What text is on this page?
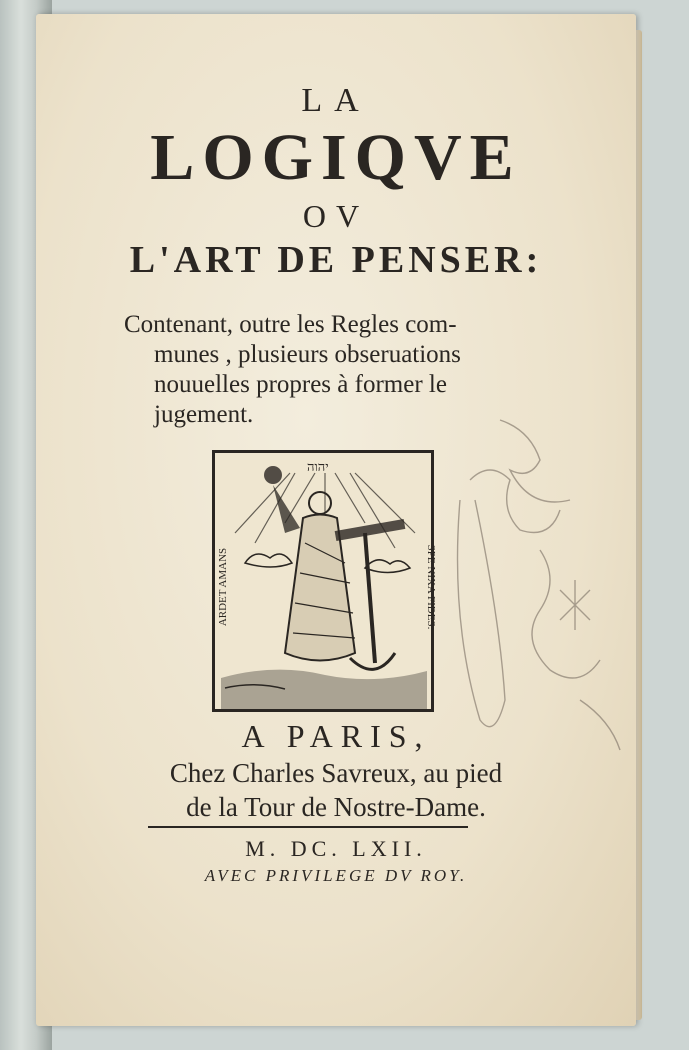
LA
LOGIQVE
OV
L'ART DE PENSER:
Contenant, outre les Regles com-
munes , plusieurs obseruations
nouuelles propres à former le
jugement.
יהוה
ARDET AMANS	SPE NIXA FIDES.
A PARIS,
Chez Charles Savreux, au pied
de la Tour de Nostre-Dame.
M. DC. LXII.
AVEC PRIVILEGE DV ROY.
